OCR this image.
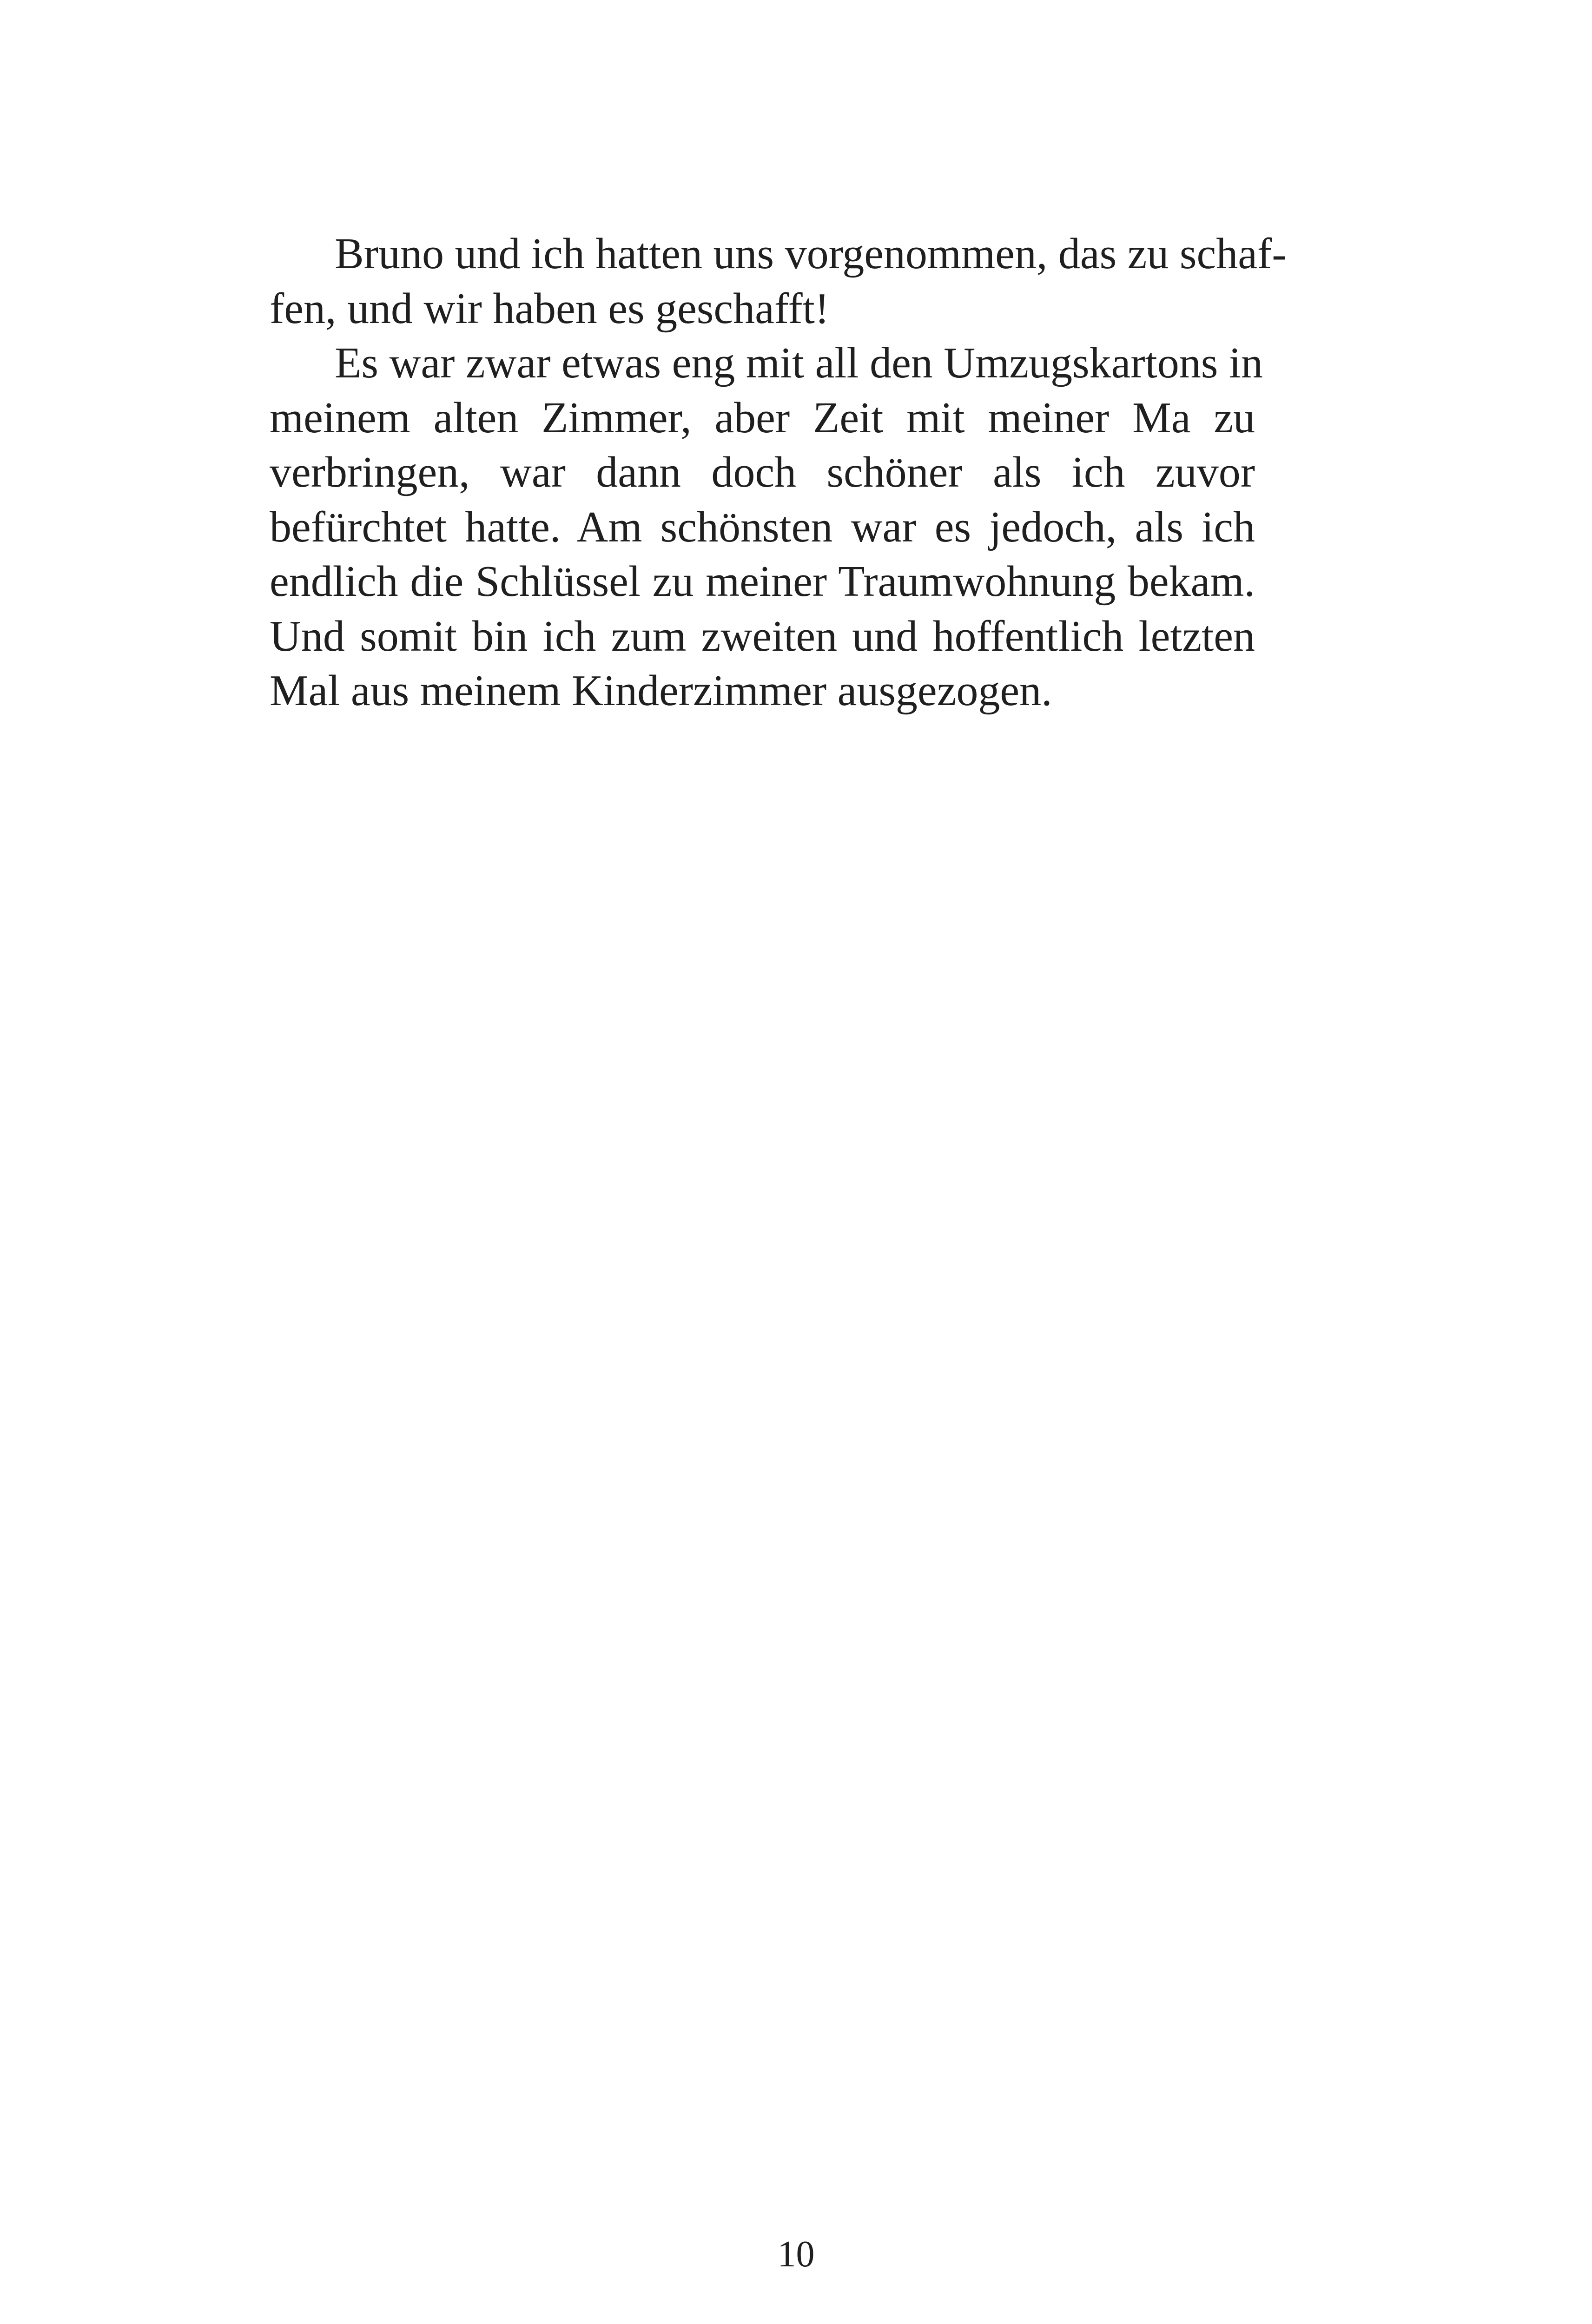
Bruno und ich hatten uns vorgenommen, das zu schaf-
fen, und wir haben es geschafft!
Es war zwar etwas eng mit all den Umzugskartons in
meinem alten Zimmer, aber Zeit mit meiner Ma zu
verbringen, war dann doch schöner als ich zuvor
befürchtet hatte. Am schönsten war es jedoch, als ich
endlich die Schlüssel zu meiner Traumwohnung bekam.
Und somit bin ich zum zweiten und hoffentlich letzten
Mal aus meinem Kinderzimmer ausgezogen.
10
